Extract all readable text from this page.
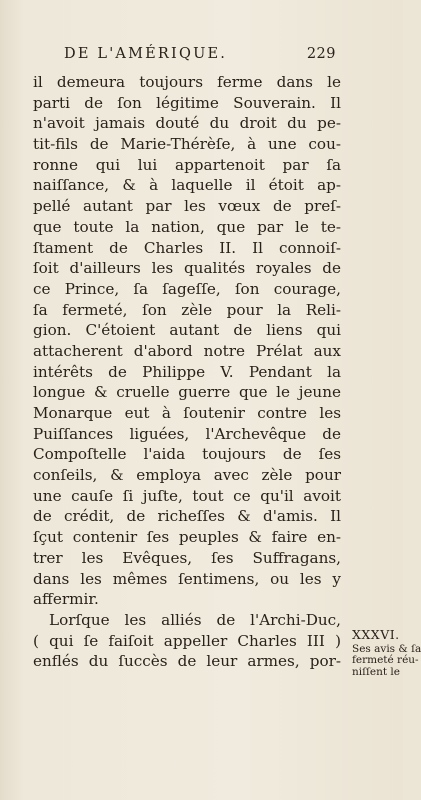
DE L'AMÉRIQUE.	229
il demeura toujours ferme dans le
parti de ſon légitime Souverain. Il
n'avoit jamais douté du droit du pe-
tit-fils de Marie-Thérèſe, à une cou-
ronne qui lui appartenoit par ſa
naiſſance, & à laquelle il étoit ap-
pellé autant par les vœux de preſ-
que toute la nation, que par le te-
ſtament de Charles II. Il connoiſ-
ſoit d'ailleurs les qualités royales de
ce Prince, ſa ſageſſe, ſon courage,
ſa fermeté, ſon zèle pour la Reli-
gion. C'étoient autant de liens qui
attacherent d'abord notre Prélat aux
intérêts de Philippe V. Pendant la
longue & cruelle guerre que le jeune
Monarque eut à ſoutenir contre les
Puiſſances liguées, l'Archevêque de
Compoſtelle l'aida toujours de ſes
conſeils, & employa avec zèle pour
une cauſe ſi juſte, tout ce qu'il avoit
de crédit, de richeſſes & d'amis. Il
ſçut contenir ſes peuples & faire en-
trer les Evêques, ſes Suffragans,
dans les mêmes ſentimens, ou les y
affermir.
Lorſque les alliés de l'Archi-Duc,
( qui ſe faiſoit appeller Charles III )
enflés du ſuccès de leur armes, por-
XXXVI.
Ses avis & ſa
fermeté réu-
niſſent le
